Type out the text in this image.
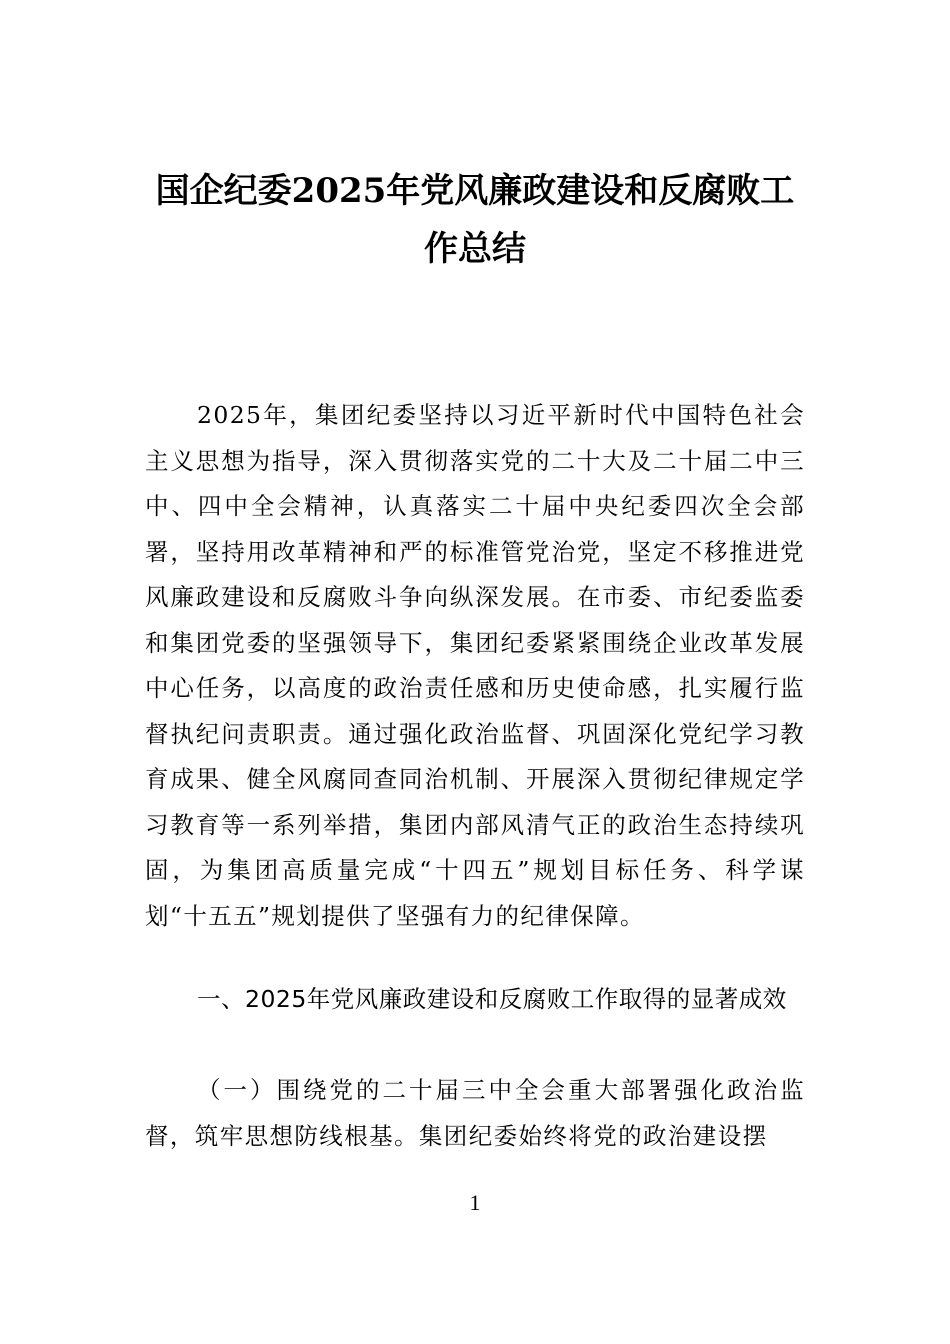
国企纪委2025年党风廉政建设和反腐败工
作总结
2025年，集团纪委坚持以习近平新时代中国特色社会主义思想为指导，深入贯彻落实党的二十大及二十届二中三中、四中全会精神，认真落实二十届中央纪委四次全会部署，坚持用改革精神和严的标准管党治党，坚定不移推进党风廉政建设和反腐败斗争向纵深发展。在市委、市纪委监委和集团党委的坚强领导下，集团纪委紧紧围绕企业改革发展中心任务，以高度的政治责任感和历史使命感，扎实履行监督执纪问责职责。通过强化政治监督、巩固深化党纪学习教育成果、健全风腐同查同治机制、开展深入贯彻纪律规定学习教育等一系列举措，集团内部风清气正的政治生态持续巩固，为集团高质量完成“十四五”规划目标任务、科学谋划“十五五”规划提供了坚强有力的纪律保障。
一、2025年党风廉政建设和反腐败工作取得的显著成效
（一）围绕党的二十届三中全会重大部署强化政治监督，筑牢思想防线根基。集团纪委始终将党的政治建设摆
1
